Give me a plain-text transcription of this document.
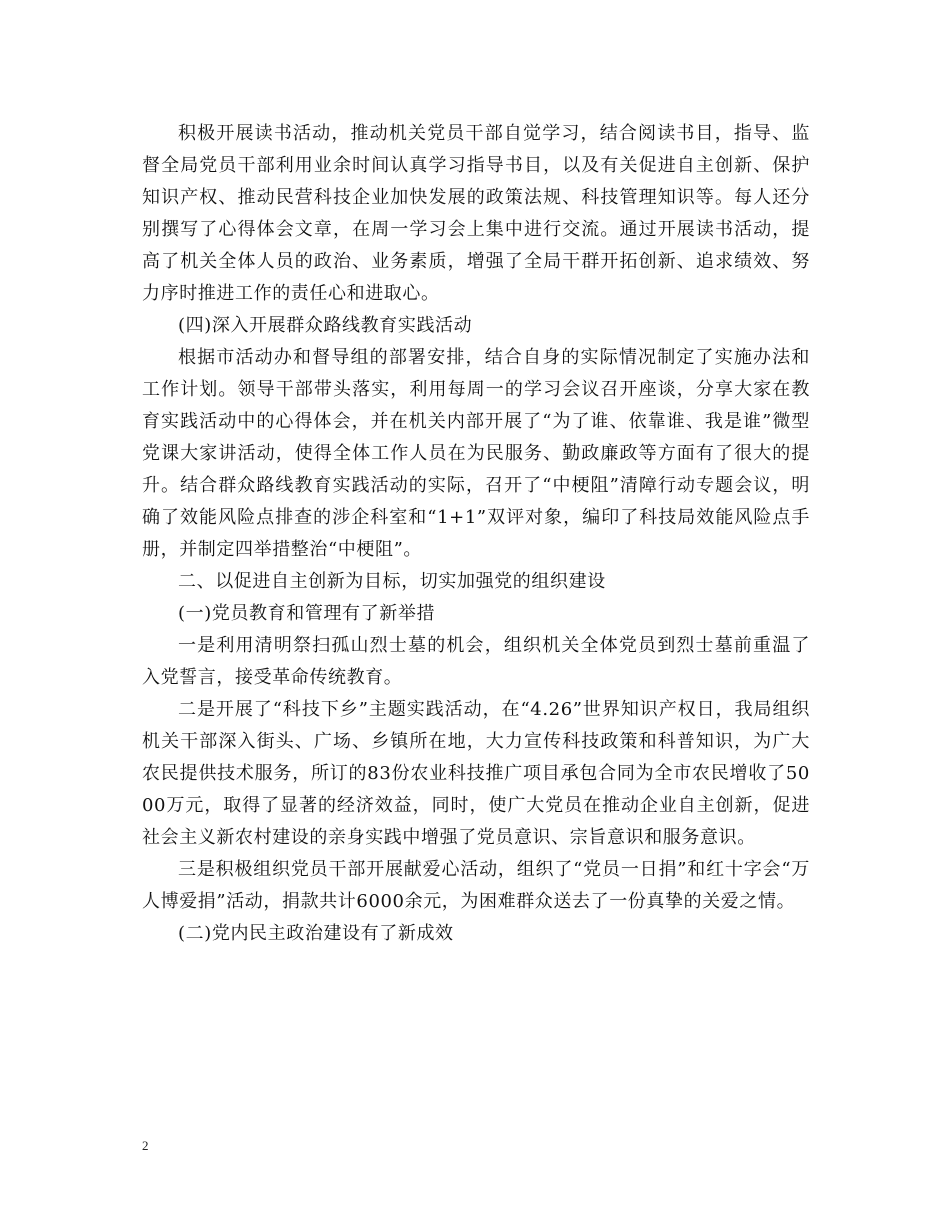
积极开展读书活动，推动机关党员干部自觉学习，结合阅读书目，指导、监督全局党员干部利用业余时间认真学习指导书目，以及有关促进自主创新、保护知识产权、推动民营科技企业加快发展的政策法规、科技管理知识等。每人还分别撰写了心得体会文章，在周一学习会上集中进行交流。通过开展读书活动，提高了机关全体人员的政治、业务素质，增强了全局干群开拓创新、追求绩效、努力序时推进工作的责任心和进取心。

(四)深入开展群众路线教育实践活动

根据市活动办和督导组的部署安排，结合自身的实际情况制定了实施办法和工作计划。领导干部带头落实，利用每周一的学习会议召开座谈，分享大家在教育实践活动中的心得体会，并在机关内部开展了“为了谁、依靠谁、我是谁”微型党课大家讲活动，使得全体工作人员在为民服务、勤政廉政等方面有了很大的提升。结合群众路线教育实践活动的实际，召开了“中梗阻”清障行动专题会议，明确了效能风险点排查的涉企科室和“1+1”双评对象，编印了科技局效能风险点手册，并制定四举措整治“中梗阻”。

二、以促进自主创新为目标，切实加强党的组织建设

(一)党员教育和管理有了新举措

一是利用清明祭扫孤山烈士墓的机会，组织机关全体党员到烈士墓前重温了入党誓言，接受革命传统教育。

二是开展了“科技下乡”主题实践活动，在“4.26”世界知识产权日，我局组织机关干部深入街头、广场、乡镇所在地，大力宣传科技政策和科普知识，为广大农民提供技术服务，所订的83份农业科技推广项目承包合同为全市农民增收了5000万元，取得了显著的经济效益，同时，使广大党员在推动企业自主创新，促进社会主义新农村建设的亲身实践中增强了党员意识、宗旨意识和服务意识。

三是积极组织党员干部开展献爱心活动，组织了“党员一日捐”和红十字会“万人博爱捐”活动，捐款共计6000余元，为困难群众送去了一份真挚的关爱之情。

(二)党内民主政治建设有了新成效

2
